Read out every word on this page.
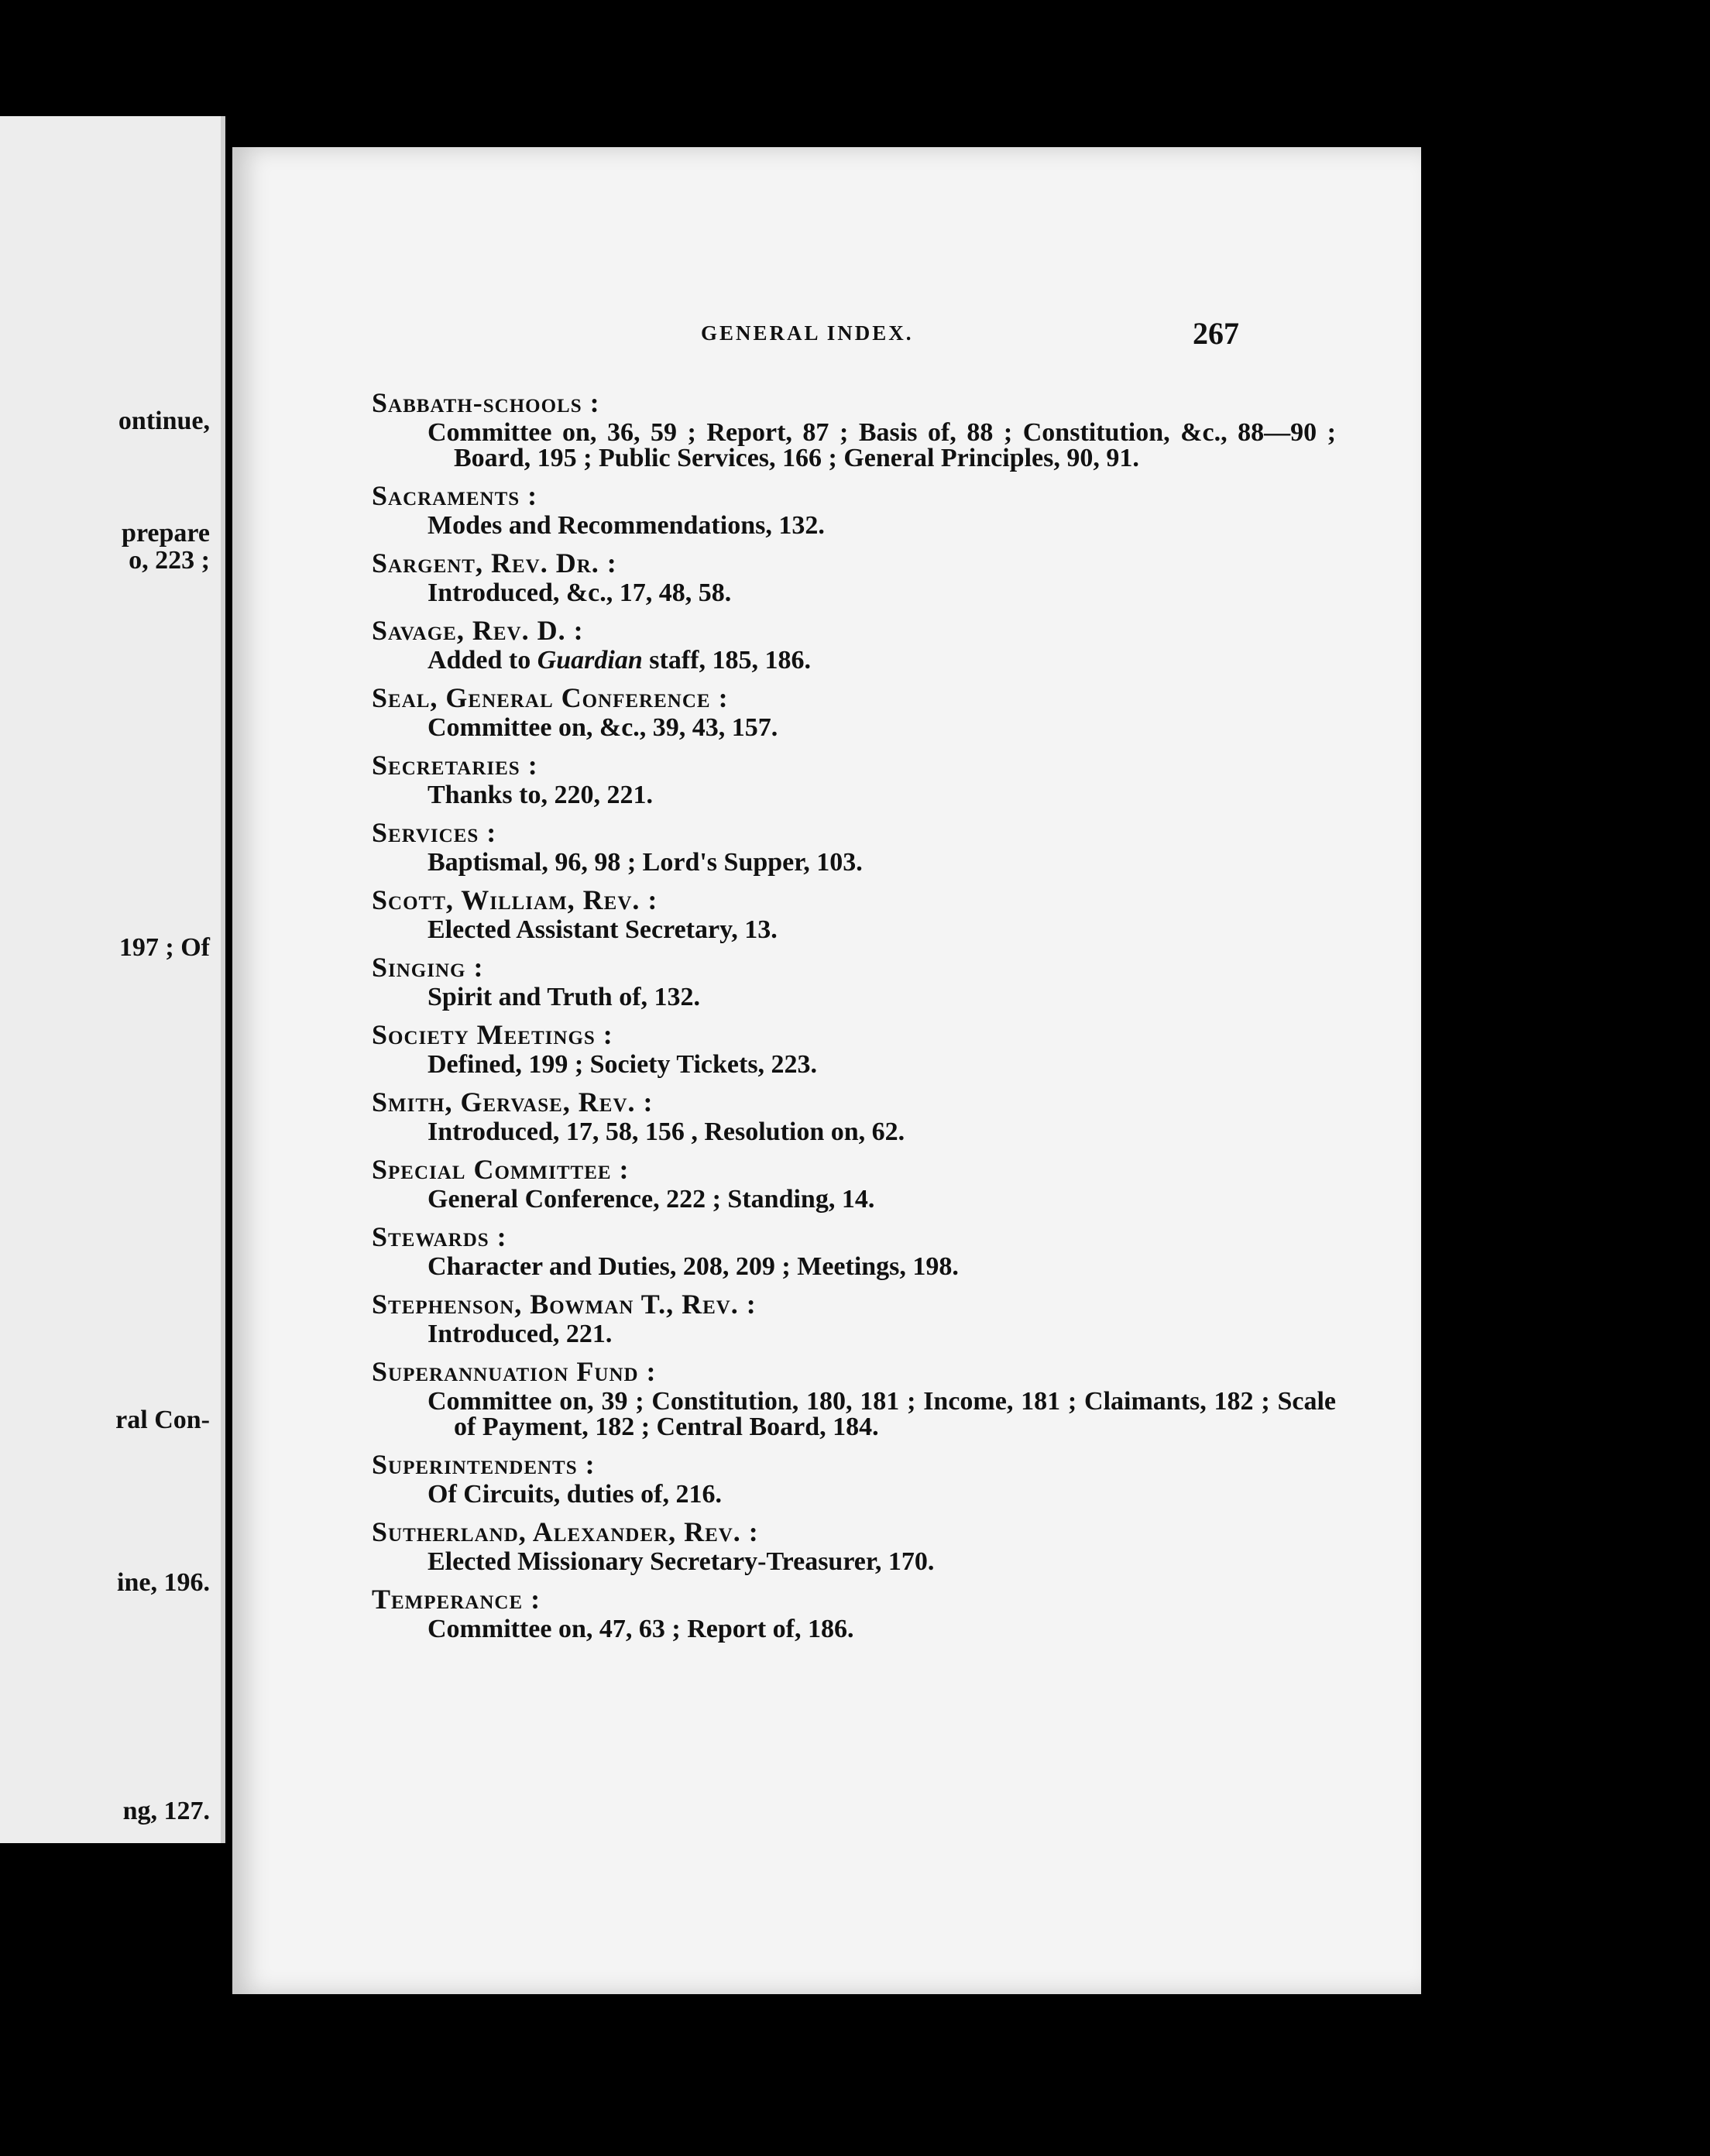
ontinue,
prepare
o, 223 ;
197 ; Of
ral Con-
ine, 196.
ng, 127.
GENERAL INDEX.	267
Sabbath-schools :
Committee on, 36, 59 ; Report, 87 ; Basis of, 88 ; Constitution, &c., 88—90 ; Board, 195 ; Public Services, 166 ; General Principles, 90, 91.
Sacraments :
Modes and Recommendations, 132.
Sargent, Rev. Dr. :
Introduced, &c., 17, 48, 58.
Savage, Rev. D. :
Added to Guardian staff, 185, 186.
Seal, General Conference :
Committee on, &c., 39, 43, 157.
Secretaries :
Thanks to, 220, 221.
Services :
Baptismal, 96, 98 ; Lord's Supper, 103.
Scott, William, Rev. :
Elected Assistant Secretary, 13.
Singing :
Spirit and Truth of, 132.
Society Meetings :
Defined, 199 ; Society Tickets, 223.
Smith, Gervase, Rev. :
Introduced, 17, 58, 156 , Resolution on, 62.
Special Committee :
General Conference, 222 ; Standing, 14.
Stewards :
Character and Duties, 208, 209 ; Meetings, 198.
Stephenson, Bowman T., Rev. :
Introduced, 221.
Superannuation Fund :
Committee on, 39 ; Constitution, 180, 181 ; Income, 181 ; Claimants, 182 ; Scale of Payment, 182 ; Central Board, 184.
Superintendents :
Of Circuits, duties of, 216.
Sutherland, Alexander, Rev. :
Elected Missionary Secretary-Treasurer, 170.
Temperance :
Committee on, 47, 63 ; Report of, 186.
